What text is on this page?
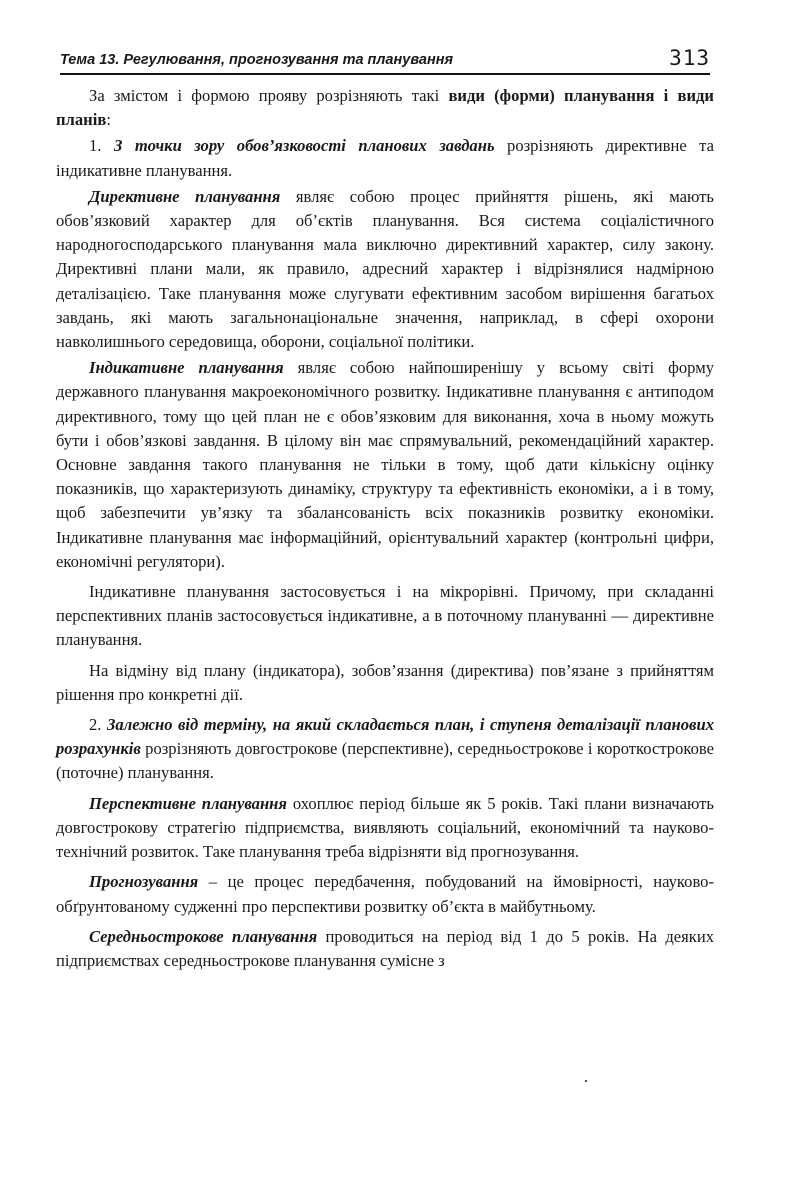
Тема 13. Регулювання, прогнозування та планування	313

За змістом і формою прояву розрізняють такі види (форми) планування і види планів:

1. З точки зору обов’язковості планових завдань розрізняють директивне та індикативне планування.

Директивне планування являє собою процес прийняття рішень, які мають обов’язковий характер для об’єктів планування. Вся система соціалістичного народногосподарського планування мала виключно директивний характер, силу закону. Директивні плани мали, як правило, адресний характер і відрізнялися надмірною деталізацією. Таке планування може слугувати ефективним засобом вирішення багатьох завдань, які мають загальнонаціональне значення, наприклад, в сфері охорони навколишнього середовища, оборони, соціальної політики.

Індикативне планування являє собою найпоширенішу у всьому світі форму державного планування макроекономічного розвитку. Індикативне планування є антиподом директивного, тому що цей план не є обов’язковим для виконання, хоча в ньому можуть бути і обов’язкові завдання. В цілому він має спрямувальний, рекомендаційний характер. Основне завдання такого планування не тільки в тому, щоб дати кількісну оцінку показників, що характеризують динаміку, структуру та ефективність економіки, а і в тому, щоб забезпечити ув’язку та збалансованість всіх показників розвитку економіки. Індикативне планування має інформаційний, орієнтувальний характер (контрольні цифри, економічні регулятори).

Індикативне планування застосовується і на мікрорівні. Причому, при складанні перспективних планів застосовується індикативне, а в поточному плануванні — директивне планування.

На відміну від плану (індикатора), зобов’язання (директива) пов’язане з прийняттям рішення про конкретні дії.

2. Залежно від терміну, на який складається план, і ступеня деталізації планових розрахунків розрізняють довгострокове (перспективне), середньострокове і короткострокове (поточне) планування.

Перспективне планування охоплює період більше як 5 років. Такі плани визначають довгострокову стратегію підприємства, виявляють соціальний, економічний та науково-технічний розвиток. Таке планування треба відрізняти від прогнозування.

Прогнозування – це процес передбачення, побудований на ймовірності, науково-обґрунтованому судженні про перспективи розвитку об’єкта в майбутньому.

Середньострокове планування проводиться на період від 1 до 5 років. На деяких підприємствах середньострокове планування сумісне з
